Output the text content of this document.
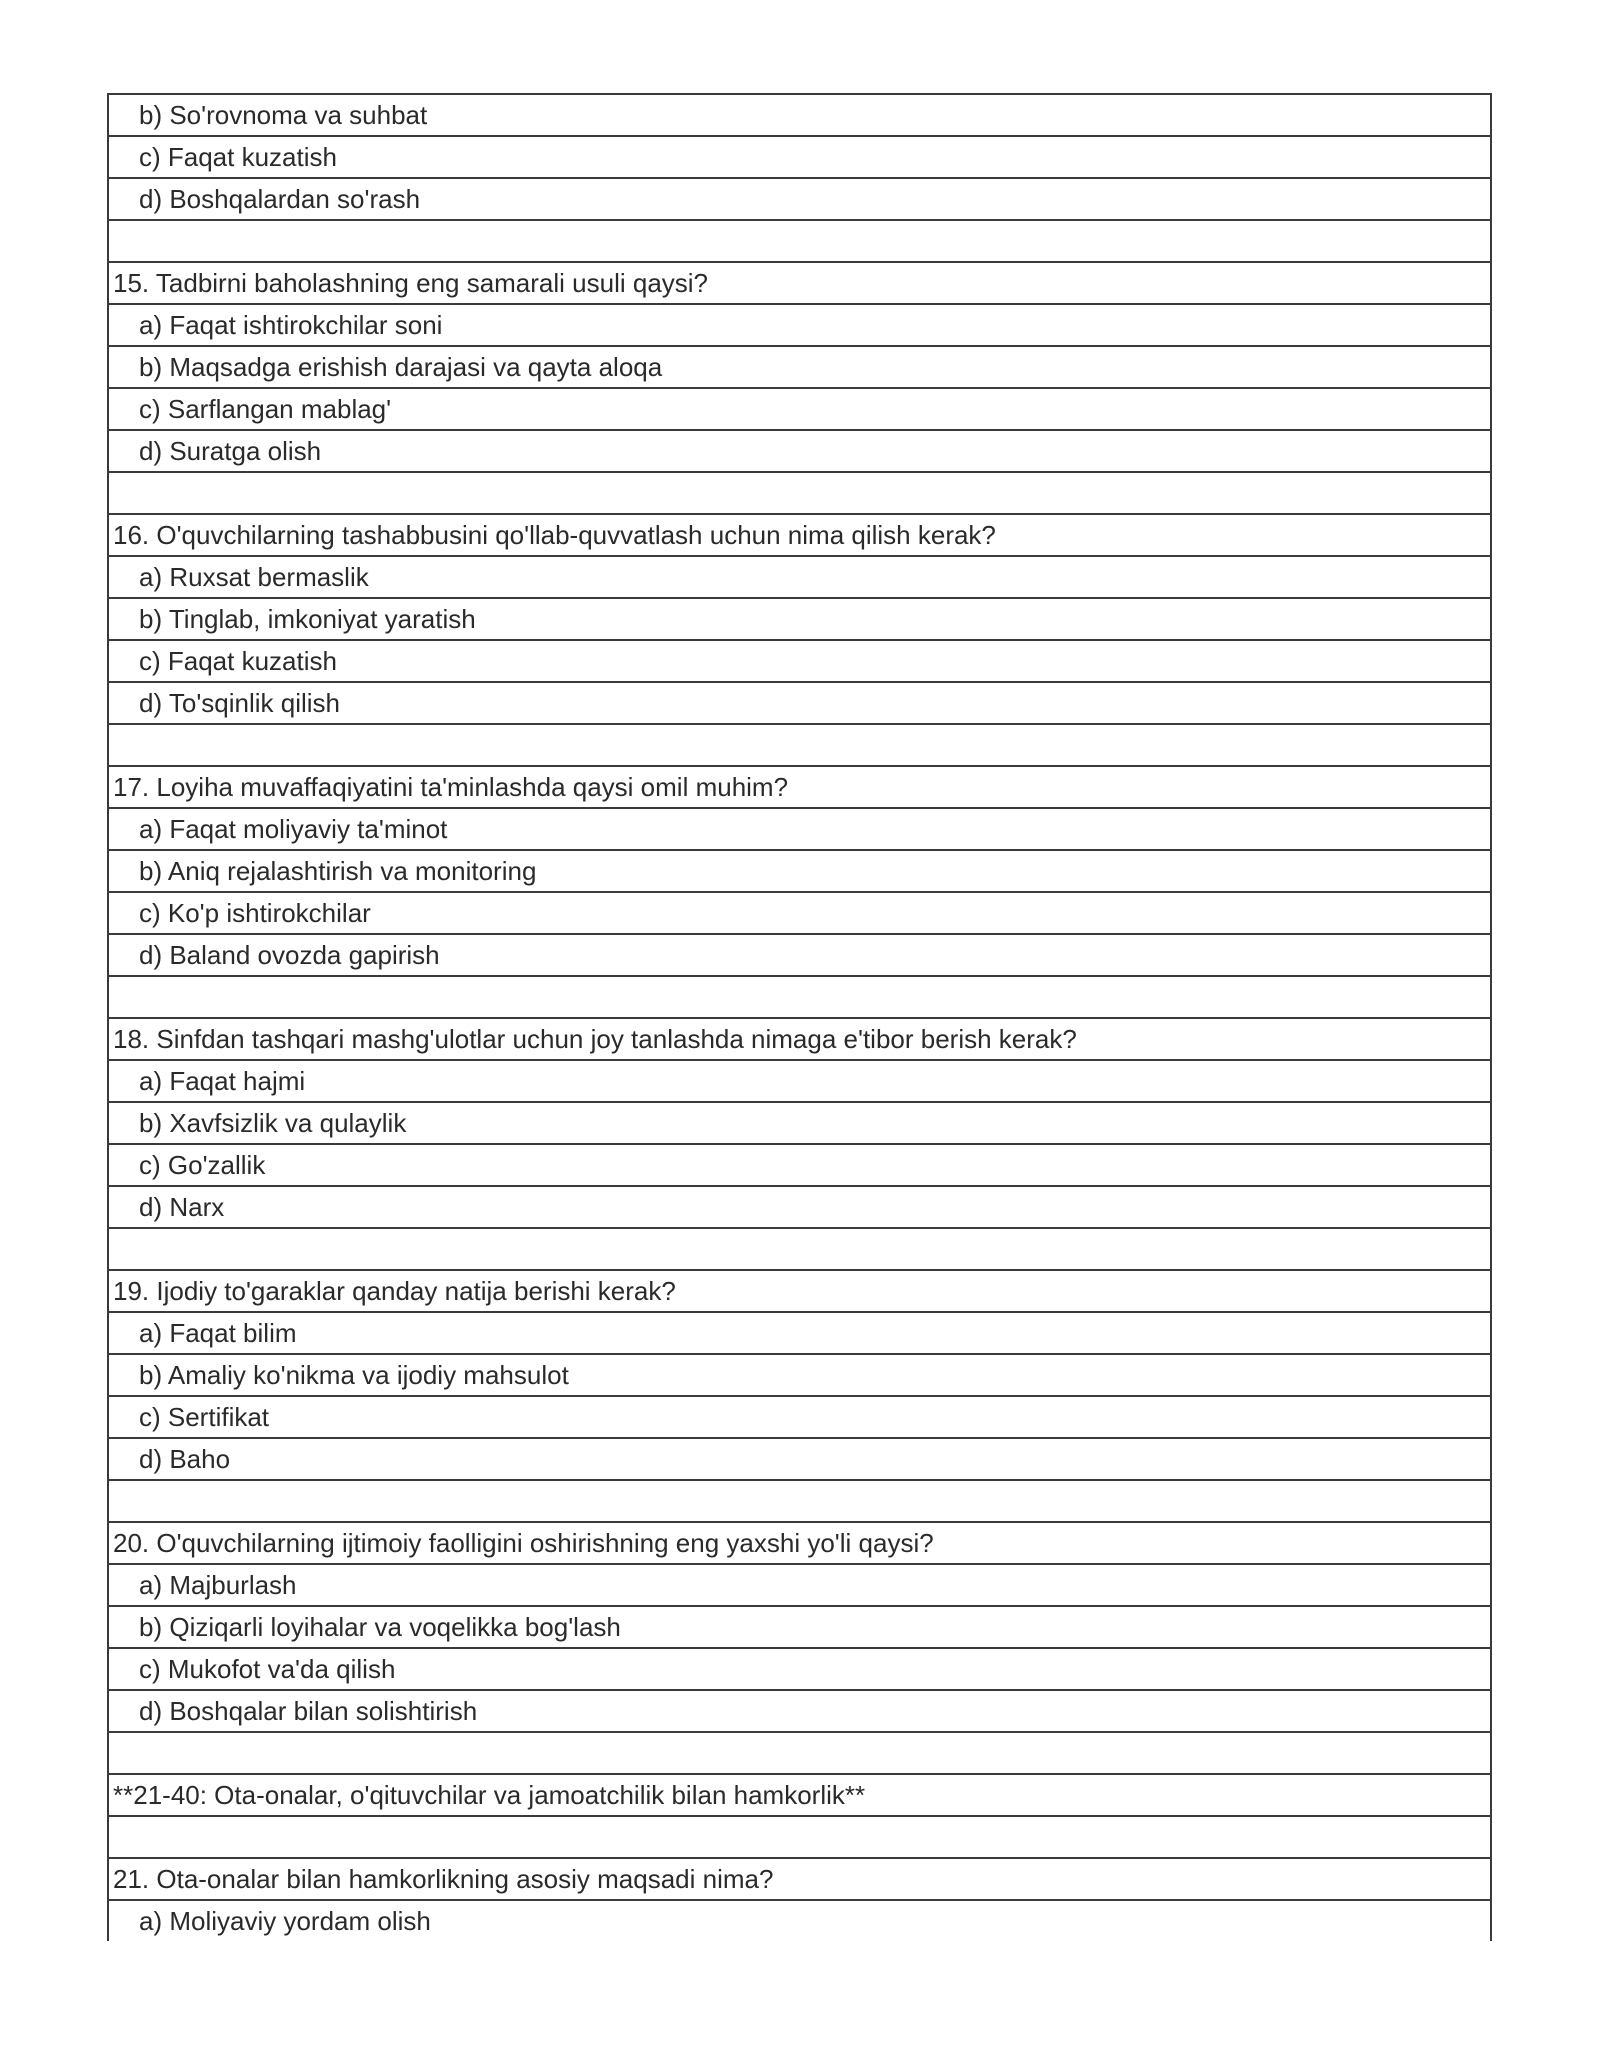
b) So'rovnoma va suhbat
c) Faqat kuzatish
d) Boshqalardan so'rash
15. Tadbirni baholashning eng samarali usuli qaysi?
a) Faqat ishtirokchilar soni
b) Maqsadga erishish darajasi va qayta aloqa
c) Sarflangan mablag'
d) Suratga olish
16. O'quvchilarning tashabbusini qo'llab-quvvatlash uchun nima qilish kerak?
a) Ruxsat bermaslik
b) Tinglab, imkoniyat yaratish
c) Faqat kuzatish
d) To'sqinlik qilish
17. Loyiha muvaffaqiyatini ta'minlashda qaysi omil muhim?
a) Faqat moliyaviy ta'minot
b) Aniq rejalashtirish va monitoring
c) Ko'p ishtirokchilar
d) Baland ovozda gapirish
18. Sinfdan tashqari mashg'ulotlar uchun joy tanlashda nimaga e'tibor berish kerak?
a) Faqat hajmi
b) Xavfsizlik va qulaylik
c) Go'zallik
d) Narx
19. Ijodiy to'garaklar qanday natija berishi kerak?
a) Faqat bilim
b) Amaliy ko'nikma va ijodiy mahsulot
c) Sertifikat
d) Baho
20. O'quvchilarning ijtimoiy faolligini oshirishning eng yaxshi yo'li qaysi?
a) Majburlash
b) Qiziqarli loyihalar va voqelikka bog'lash
c) Mukofot va'da qilish
d) Boshqalar bilan solishtirish
**21-40: Ota-onalar, o'qituvchilar va jamoatchilik bilan hamkorlik**
21. Ota-onalar bilan hamkorlikning asosiy maqsadi nima?
a) Moliyaviy yordam olish
